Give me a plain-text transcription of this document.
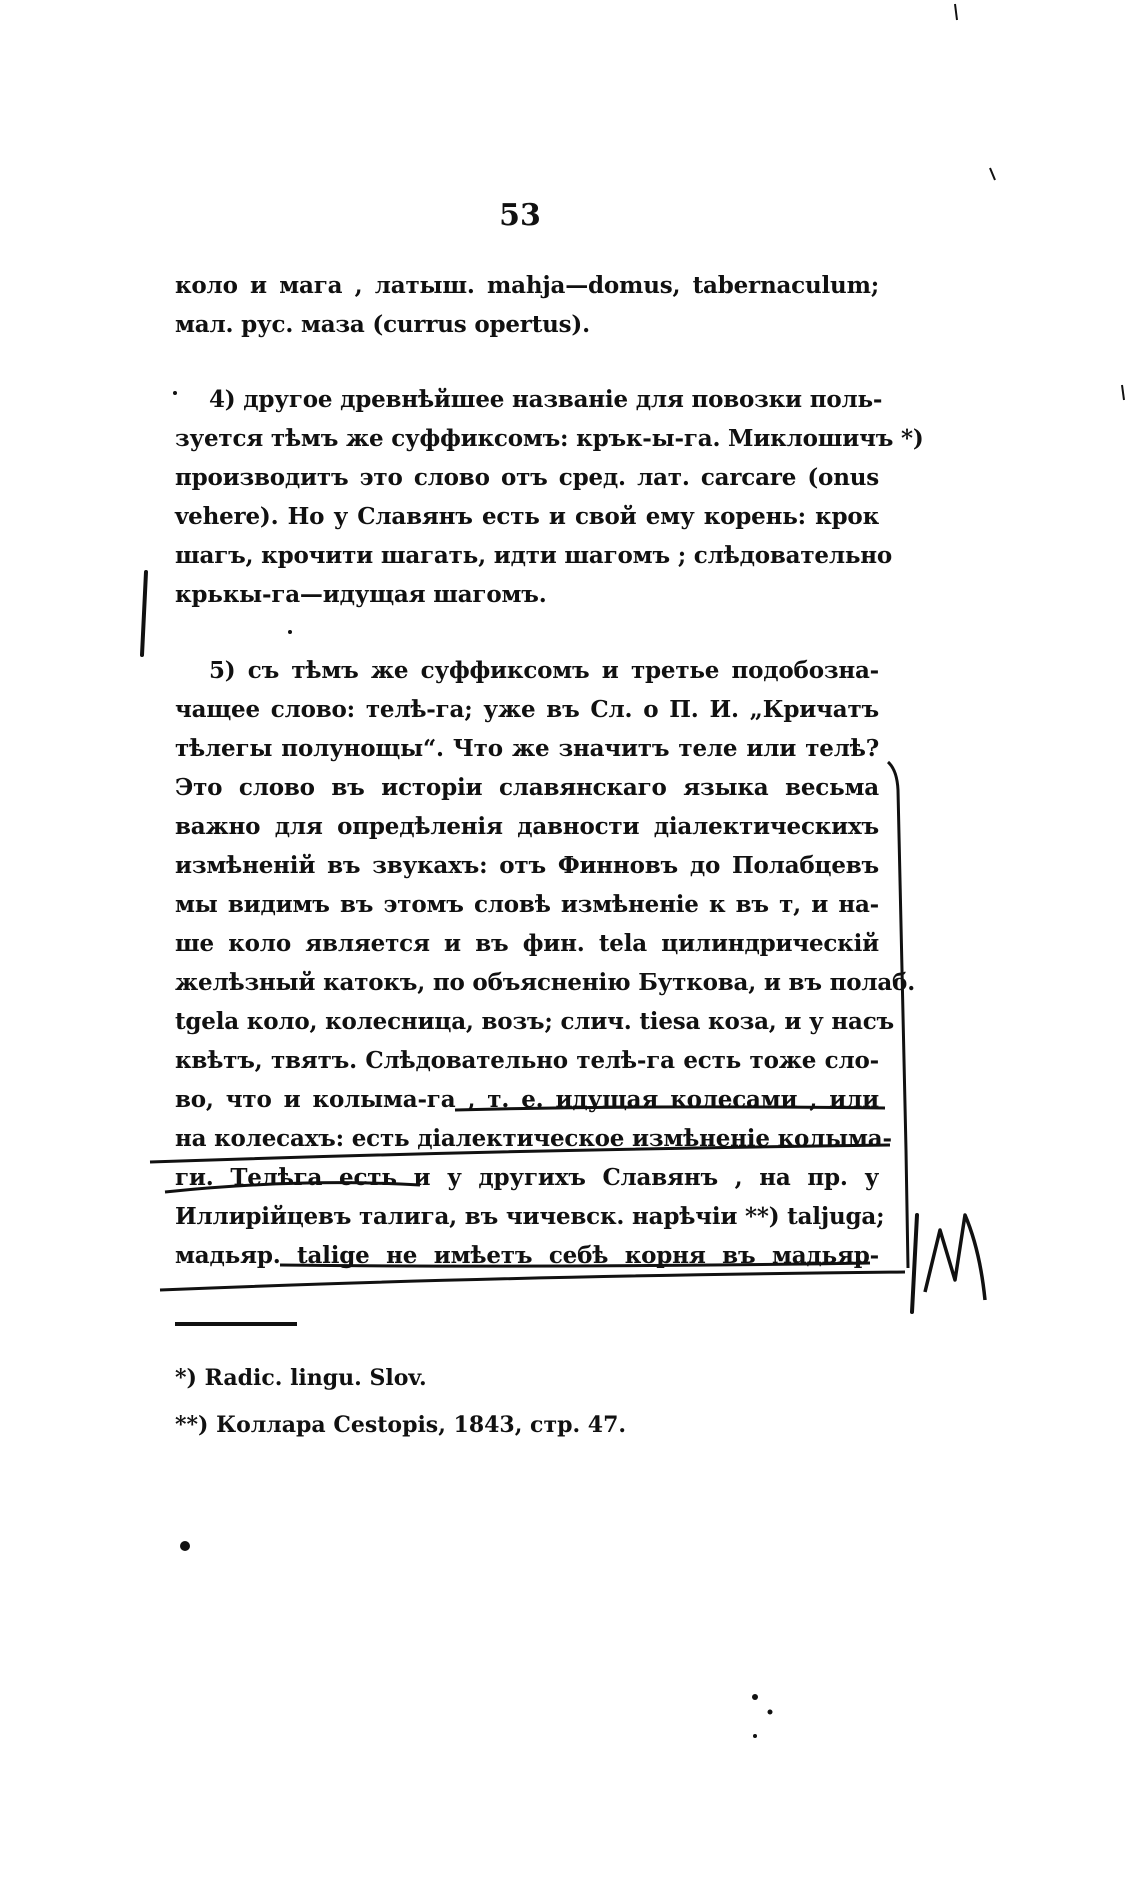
53
коло и мага , латыш. mahja—domus, tabernaculum;
мал. рус. маза (currus opertus).
4) другое древнѣйшее названіе для повозки поль-
зуется тѣмъ же суффиксомъ: крък-ы-га. Миклошичъ *)
производитъ это слово отъ сред. лат. carcare (onus
vehere). Но у Славянъ есть и свой ему корень: крок
шагъ, крочити шагать, идти шагомъ ; слѣдовательно
крькы-га—идущая шагомъ.
5) съ тѣмъ же суффиксомъ и третье подобозна-
чащее слово: телѣ-га; уже въ Сл. о П. И. „Кричатъ
тѣлегы полунощы“. Что же значитъ теле или телѣ?
Это слово въ исторіи славянскаго языка весьма
важно для опредѣленія давности діалектическихъ
измѣненій въ звукахъ: отъ Финновъ до Полабцевъ
мы видимъ въ этомъ словѣ измѣненіе к въ т, и на-
ше коло является и въ фин. tela цилиндрическій
желѣзный катокъ, по объясненію Буткова, и въ полаб.
tgela коло, колесница, возъ; слич. tiesa коза, и у насъ
квѣтъ, твятъ. Слѣдовательно телѣ-га есть тоже сло-
во, что и колыма-га , т. е. идущая колесами , или
на колесахъ: есть діалектическое измѣненіе колыма-
ги. Телѣга есть и у другихъ Славянъ , на пр. у
Иллирійцевъ талига, въ чичевск. нарѣчіи **) taljuga;
мадьяр. talige не имѣетъ себѣ корня въ мадьяр-
*) Radic. lingu. Slov.
**) Коллара Cestopis, 1843, стр. 47.
